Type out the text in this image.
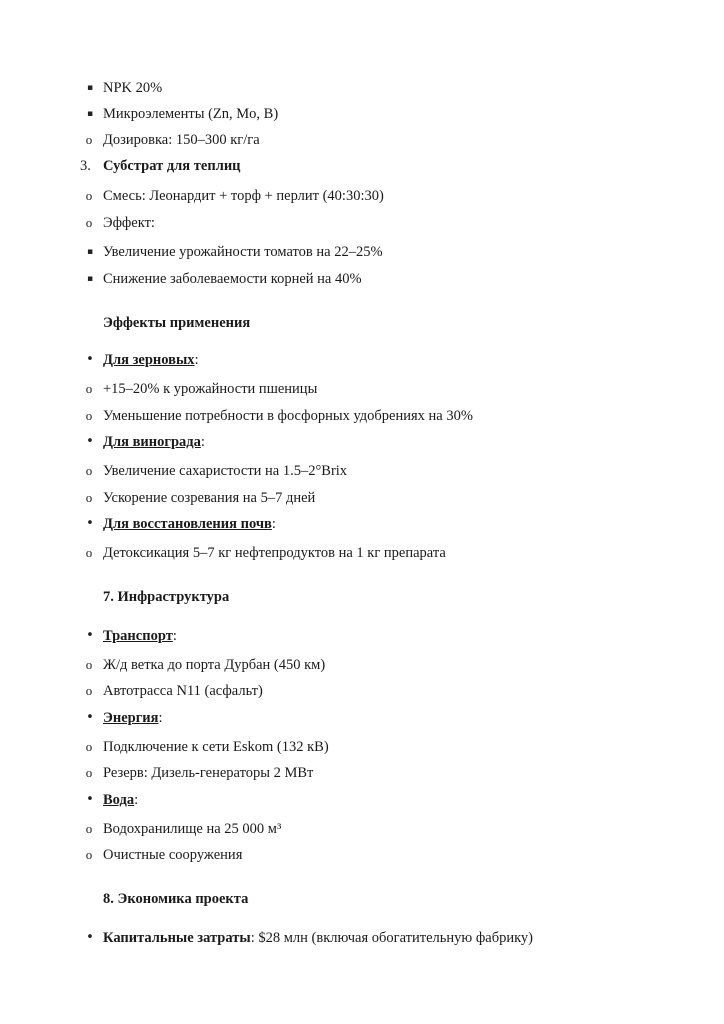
▪ NPK 20%
▪ Микроэлементы (Zn, Mo, B)
o Дозировка: 150–300 кг/га
3. Субстрат для теплиц
o Смесь: Леонардит + торф + перлит (40:30:30)
o Эффект:
▪ Увеличение урожайности томатов на 22–25%
▪ Снижение заболеваемости корней на 40%
Эффекты применения
• Для зерновых:
o +15–20% к урожайности пшеницы
o Уменьшение потребности в фосфорных удобрениях на 30%
• Для винограда:
o Увеличение сахаристости на 1.5–2°Brix
o Ускорение созревания на 5–7 дней
• Для восстановления почв:
o Детоксикация 5–7 кг нефтепродуктов на 1 кг препарата
7. Инфраструктура
• Транспорт:
o Ж/д ветка до порта Дурбан (450 км)
o Автотрасса N11 (асфальт)
• Энергия:
o Подключение к сети Eskom (132 кВ)
o Резерв: Дизель-генераторы 2 МВт
• Вода:
o Водохранилище на 25 000 м³
o Очистные сооружения
8. Экономика проекта
• Капитальные затраты: $28 млн (включая обогатительную фабрику)
